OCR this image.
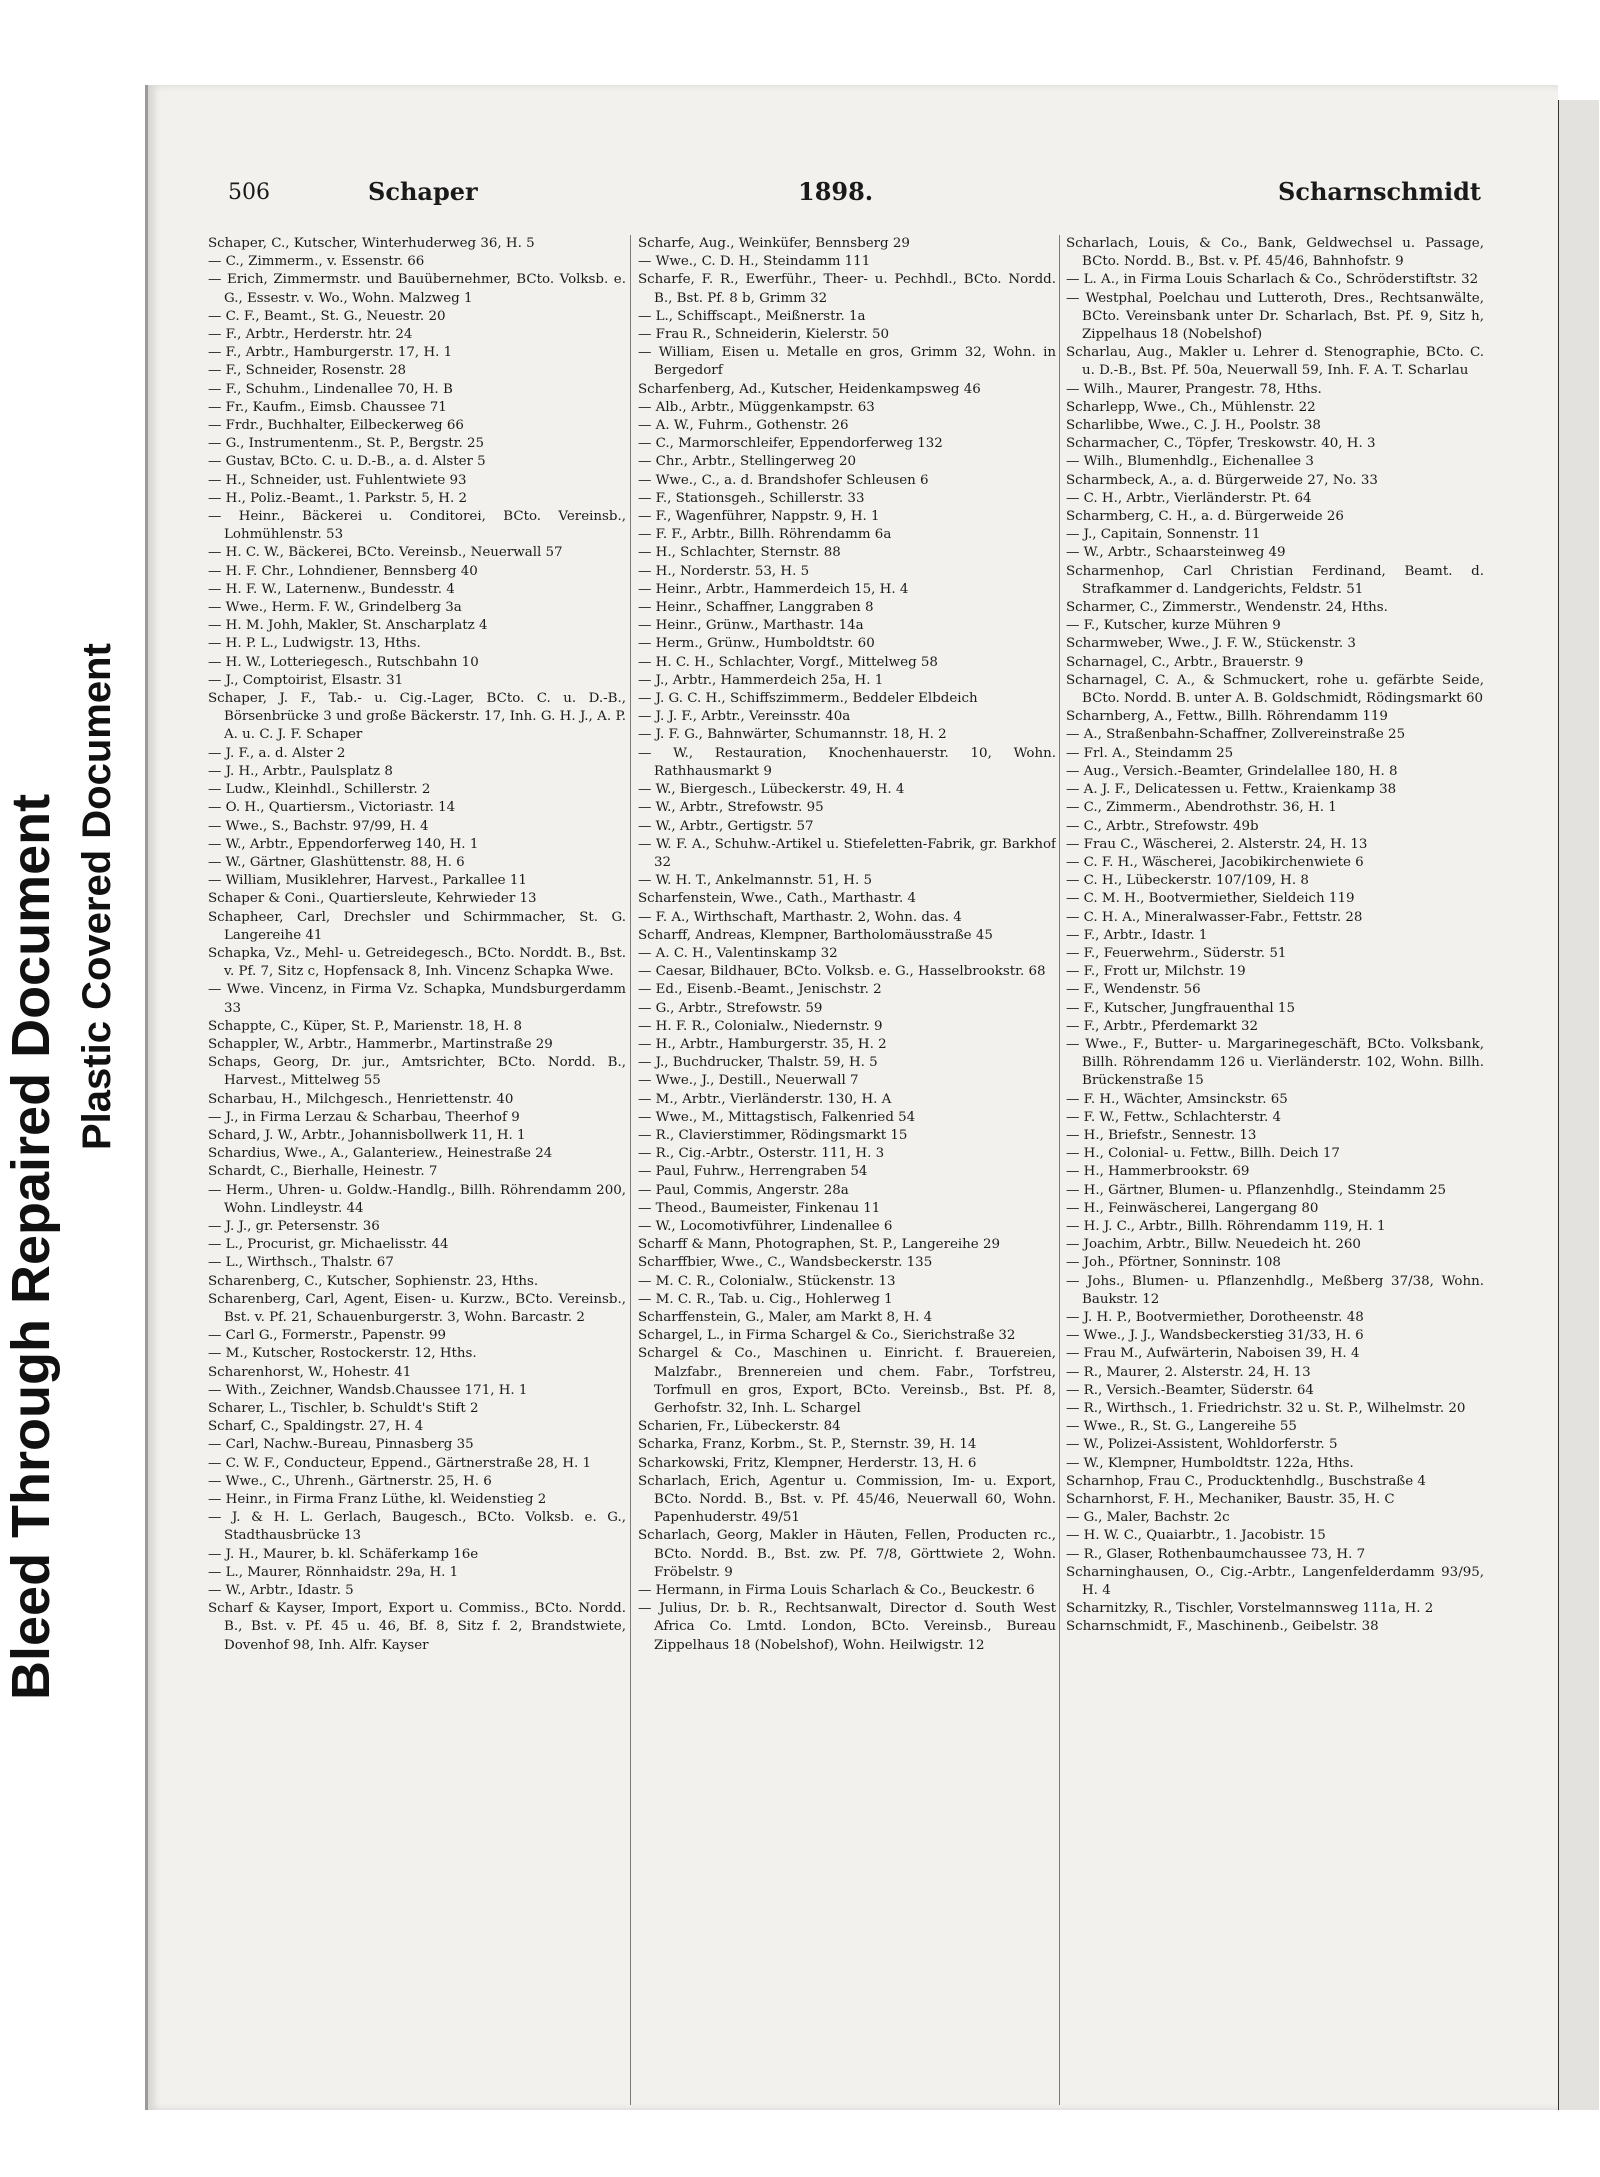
Bleed Through Repaired Document Plastic Covered Document
506	Schaper	1898.	Scharnschmidt

Schaper, C., Kutscher, Winterhuderweg 36, H. 5

— C., Zimmerm., v. Essenstr. 66

— Erich, Zimmermstr. und Bauübernehmer, BCto. Volksb. e. G., Essestr. v. Wo., Wohn. Malzweg 1

— C. F., Beamt., St. G., Neuestr. 20

— F., Arbtr., Herderstr. htr. 24

— F., Arbtr., Hamburgerstr. 17, H. 1

— F., Schneider, Rosenstr. 28

— F., Schuhm., Lindenallee 70, H. B

— Fr., Kaufm., Eimsb. Chaussee 71

— Frdr., Buchhalter, Eilbeckerweg 66

— G., Instrumentenm., St. P., Bergstr. 25

— Gustav, BCto. C. u. D.-B., a. d. Alster 5

— H., Schneider, ust. Fuhlentwiete 93

— H., Poliz.-Beamt., 1. Parkstr. 5, H. 2

— Heinr., Bäckerei u. Conditorei, BCto. Vereinsb., Lohmühlenstr. 53

— H. C. W., Bäckerei, BCto. Vereinsb., Neuerwall 57

— H. F. Chr., Lohndiener, Bennsberg 40

— H. F. W., Laternenw., Bundesstr. 4

— Wwe., Herm. F. W., Grindelberg 3a

— H. M. Johh, Makler, St. Anscharplatz 4

— H. P. L., Ludwigstr. 13, Hths.

— H. W., Lotteriegesch., Rutschbahn 10

— J., Comptoirist, Elsastr. 31

Schaper, J. F., Tab.- u. Cig.-Lager, BCto. C. u. D.-B., Börsenbrücke 3 und große Bäckerstr. 17, Inh. G. H. J., A. P. A. u. C. J. F. Schaper

— J. F., a. d. Alster 2

— J. H., Arbtr., Paulsplatz 8

— Ludw., Kleinhdl., Schillerstr. 2

— O. H., Quartiersm., Victoriastr. 14

— Wwe., S., Bachstr. 97/99, H. 4

— W., Arbtr., Eppendorferweg 140, H. 1

— W., Gärtner, Glashüttenstr. 88, H. 6

— William, Musiklehrer, Harvest., Parkallee 11

Schaper & Coni., Quartiersleute, Kehrwieder 13

Schapheer, Carl, Drechsler und Schirmmacher, St. G. Langereihe 41

Schapka, Vz., Mehl- u. Getreidegesch., BCto. Norddt. B., Bst. v. Pf. 7, Sitz c, Hopfensack 8, Inh. Vincenz Schapka Wwe.

— Wwe. Vincenz, in Firma Vz. Schapka, Mundsburgerdamm 33

Schappte, C., Küper, St. P., Marienstr. 18, H. 8

Schappler, W., Arbtr., Hammerbr., Martinstraße 29

Schaps, Georg, Dr. jur., Amtsrichter, BCto. Nordd. B., Harvest., Mittelweg 55

Scharbau, H., Milchgesch., Henriettenstr. 40

— J., in Firma Lerzau & Scharbau, Theerhof 9

Schard, J. W., Arbtr., Johannisbollwerk 11, H. 1

Schardius, Wwe., A., Galanteriew., Heinestraße 24

Schardt, C., Bierhalle, Heinestr. 7

— Herm., Uhren- u. Goldw.-Handlg., Billh. Röhrendamm 200, Wohn. Lindleystr. 44

— J. J., gr. Petersenstr. 36

— L., Procurist, gr. Michaelisstr. 44

— L., Wirthsch., Thalstr. 67

Scharenberg, C., Kutscher, Sophienstr. 23, Hths.

Scharenberg, Carl, Agent, Eisen- u. Kurzw., BCto. Vereinsb., Bst. v. Pf. 21, Schauenburgerstr. 3, Wohn. Barcastr. 2

— Carl G., Formerstr., Papenstr. 99

— M., Kutscher, Rostockerstr. 12, Hths.

Scharenhorst, W., Hohestr. 41

— With., Zeichner, Wandsb.Chaussee 171, H. 1

Scharer, L., Tischler, b. Schuldt's Stift 2

Scharf, C., Spaldingstr. 27, H. 4

— Carl, Nachw.-Bureau, Pinnasberg 35

— C. W. F., Conducteur, Eppend., Gärtnerstraße 28, H. 1

— Wwe., C., Uhrenh., Gärtnerstr. 25, H. 6

— Heinr., in Firma Franz Lüthe, kl. Weidenstieg 2

— J. & H. L. Gerlach, Baugesch., BCto. Volksb. e. G., Stadthausbrücke 13

— J. H., Maurer, b. kl. Schäferkamp 16e

— L., Maurer, Rönnhaidstr. 29a, H. 1

— W., Arbtr., Idastr. 5

Scharf & Kayser, Import, Export u. Commiss., BCto. Nordd. B., Bst. v. Pf. 45 u. 46, Bf. 8, Sitz f. 2, Brandstwiete, Dovenhof 98, Inh. Alfr. Kayser

Scharfe, Aug., Weinküfer, Bennsberg 29

— Wwe., C. D. H., Steindamm 111

Scharfe, F. R., Ewerführ., Theer- u. Pechhdl., BCto. Nordd. B., Bst. Pf. 8 b, Grimm 32

— L., Schiffscapt., Meißnerstr. 1a

— Frau R., Schneiderin, Kielerstr. 50

— William, Eisen u. Metalle en gros, Grimm 32, Wohn. in Bergedorf

Scharfenberg, Ad., Kutscher, Heidenkampsweg 46

— Alb., Arbtr., Müggenkampstr. 63

— A. W., Fuhrm., Gothenstr. 26

— C., Marmorschleifer, Eppendorferweg 132

— Chr., Arbtr., Stellingerweg 20

— Wwe., C., a. d. Brandshofer Schleusen 6

— F., Stationsgeh., Schillerstr. 33

— F., Wagenführer, Nappstr. 9, H. 1

— F. F., Arbtr., Billh. Röhrendamm 6a

— H., Schlachter, Sternstr. 88

— H., Norderstr. 53, H. 5

— Heinr., Arbtr., Hammerdeich 15, H. 4

— Heinr., Schaffner, Langgraben 8

— Heinr., Grünw., Marthastr. 14a

— Herm., Grünw., Humboldtstr. 60

— H. C. H., Schlachter, Vorgf., Mittelweg 58

— J., Arbtr., Hammerdeich 25a, H. 1

— J. G. C. H., Schiffszimmerm., Beddeler Elbdeich

— J. J. F., Arbtr., Vereinsstr. 40a

— J. F. G., Bahnwärter, Schumannstr. 18, H. 2

— W., Restauration, Knochenhauerstr. 10, Wohn. Rathhausmarkt 9

— W., Biergesch., Lübeckerstr. 49, H. 4

— W., Arbtr., Strefowstr. 95

— W., Arbtr., Gertigstr. 57

— W. F. A., Schuhw.-Artikel u. Stiefeletten-Fabrik, gr. Barkhof 32

— W. H. T., Ankelmannstr. 51, H. 5

Scharfenstein, Wwe., Cath., Marthastr. 4

— F. A., Wirthschaft, Marthastr. 2, Wohn. das. 4

Scharff, Andreas, Klempner, Bartholomäusstraße 45

— A. C. H., Valentinskamp 32

— Caesar, Bildhauer, BCto. Volksb. e. G., Hasselbrookstr. 68

— Ed., Eisenb.-Beamt., Jenischstr. 2

— G., Arbtr., Strefowstr. 59

— H. F. R., Colonialw., Niedernstr. 9

— H., Arbtr., Hamburgerstr. 35, H. 2

— J., Buchdrucker, Thalstr. 59, H. 5

— Wwe., J., Destill., Neuerwall 7

— M., Arbtr., Vierländerstr. 130, H. A

— Wwe., M., Mittagstisch, Falkenried 54

— R., Clavierstimmer, Rödingsmarkt 15

— R., Cig.-Arbtr., Osterstr. 111, H. 3

— Paul, Fuhrw., Herrengraben 54

— Paul, Commis, Angerstr. 28a

— Theod., Baumeister, Finkenau 11

— W., Locomotivführer, Lindenallee 6

Scharff & Mann, Photographen, St. P., Langereihe 29

Scharffbier, Wwe., C., Wandsbeckerstr. 135

— M. C. R., Colonialw., Stückenstr. 13

— M. C. R., Tab. u. Cig., Hohlerweg 1

Scharffenstein, G., Maler, am Markt 8, H. 4

Schargel, L., in Firma Schargel & Co., Sierichstraße 32

Schargel & Co., Maschinen u. Einricht. f. Brauereien, Malzfabr., Brennereien und chem. Fabr., Torfstreu, Torfmull en gros, Export, BCto. Vereinsb., Bst. Pf. 8, Gerhofstr. 32, Inh. L. Schargel

Scharien, Fr., Lübeckerstr. 84

Scharka, Franz, Korbm., St. P., Sternstr. 39, H. 14

Scharkowski, Fritz, Klempner, Herderstr. 13, H. 6

Scharlach, Erich, Agentur u. Commission, Im- u. Export, BCto. Nordd. B., Bst. v. Pf. 45/46, Neuerwall 60, Wohn. Papenhuderstr. 49/51

Scharlach, Georg, Makler in Häuten, Fellen, Producten rc., BCto. Nordd. B., Bst. zw. Pf. 7/8, Görttwiete 2, Wohn. Fröbelstr. 9

— Hermann, in Firma Louis Scharlach & Co., Beuckestr. 6

— Julius, Dr. b. R., Rechtsanwalt, Director d. South West Africa Co. Lmtd. London, BCto. Vereinsb., Bureau Zippelhaus 18 (Nobelshof), Wohn. Heilwigstr. 12

Scharlach, Louis, & Co., Bank, Geldwechsel u. Passage, BCto. Nordd. B., Bst. v. Pf. 45/46, Bahnhofstr. 9

— L. A., in Firma Louis Scharlach & Co., Schröderstiftstr. 32

— Westphal, Poelchau und Lutteroth, Dres., Rechtsanwälte, BCto. Vereinsbank unter Dr. Scharlach, Bst. Pf. 9, Sitz h, Zippelhaus 18 (Nobelshof)

Scharlau, Aug., Makler u. Lehrer d. Stenographie, BCto. C. u. D.-B., Bst. Pf. 50a, Neuerwall 59, Inh. F. A. T. Scharlau

— Wilh., Maurer, Prangestr. 78, Hths.

Scharlepp, Wwe., Ch., Mühlenstr. 22

Scharlibbe, Wwe., C. J. H., Poolstr. 38

Scharmacher, C., Töpfer, Treskowstr. 40, H. 3

— Wilh., Blumenhdlg., Eichenallee 3

Scharmbeck, A., a. d. Bürgerweide 27, No. 33

— C. H., Arbtr., Vierländerstr. Pt. 64

Scharmberg, C. H., a. d. Bürgerweide 26

— J., Capitain, Sonnenstr. 11

— W., Arbtr., Schaarsteinweg 49

Scharmenhop, Carl Christian Ferdinand, Beamt. d. Strafkammer d. Landgerichts, Feldstr. 51

Scharmer, C., Zimmerstr., Wendenstr. 24, Hths.

— F., Kutscher, kurze Mühren 9

Scharmweber, Wwe., J. F. W., Stückenstr. 3

Scharnagel, C., Arbtr., Brauerstr. 9

Scharnagel, C. A., & Schmuckert, rohe u. gefärbte Seide, BCto. Nordd. B. unter A. B. Goldschmidt, Rödingsmarkt 60

Scharnberg, A., Fettw., Billh. Röhrendamm 119

— A., Straßenbahn-Schaffner, Zollvereinstraße 25

— Frl. A., Steindamm 25

— Aug., Versich.-Beamter, Grindelallee 180, H. 8

— A. J. F., Delicatessen u. Fettw., Kraienkamp 38

— C., Zimmerm., Abendrothstr. 36, H. 1

— C., Arbtr., Strefowstr. 49b

— Frau C., Wäscherei, 2. Alsterstr. 24, H. 13

— C. F. H., Wäscherei, Jacobikirchenwiete 6

— C. H., Lübeckerstr. 107/109, H. 8

— C. M. H., Bootvermiether, Sieldeich 119

— C. H. A., Mineralwasser-Fabr., Fettstr. 28

— F., Arbtr., Idastr. 1

— F., Feuerwehrm., Süderstr. 51

— F., Frott ur, Milchstr. 19

— F., Wendenstr. 56

— F., Kutscher, Jungfrauenthal 15

— F., Arbtr., Pferdemarkt 32

— Wwe., F., Butter- u. Margarinegeschäft, BCto. Volksbank, Billh. Röhrendamm 126 u. Vierländerstr. 102, Wohn. Billh. Brückenstraße 15

— F. H., Wächter, Amsinckstr. 65

— F. W., Fettw., Schlachterstr. 4

— H., Briefstr., Sennestr. 13

— H., Colonial- u. Fettw., Billh. Deich 17

— H., Hammerbrookstr. 69

— H., Gärtner, Blumen- u. Pflanzenhdlg., Steindamm 25

— H., Feinwäscherei, Langergang 80

— H. J. C., Arbtr., Billh. Röhrendamm 119, H. 1

— Joachim, Arbtr., Billw. Neuedeich ht. 260

— Joh., Pförtner, Sonninstr. 108

— Johs., Blumen- u. Pflanzenhdlg., Meßberg 37/38, Wohn. Baukstr. 12

— J. H. P., Bootvermiether, Dorotheenstr. 48

— Wwe., J. J., Wandsbeckerstieg 31/33, H. 6

— Frau M., Aufwärterin, Naboisen 39, H. 4

— R., Maurer, 2. Alsterstr. 24, H. 13

— R., Versich.-Beamter, Süderstr. 64

— R., Wirthsch., 1. Friedrichstr. 32 u. St. P., Wilhelmstr. 20

— Wwe., R., St. G., Langereihe 55

— W., Polizei-Assistent, Wohldorferstr. 5

— W., Klempner, Humboldtstr. 122a, Hths.

Scharnhop, Frau C., Producktenhdlg., Buschstraße 4

Scharnhorst, F. H., Mechaniker, Baustr. 35, H. C

— G., Maler, Bachstr. 2c

— H. W. C., Quaiarbtr., 1. Jacobistr. 15

— R., Glaser, Rothenbaumchaussee 73, H. 7

Scharninghausen, O., Cig.-Arbtr., Langenfelderdamm 93/95, H. 4

Scharnitzky, R., Tischler, Vorstelmannsweg 111a, H. 2

Scharnschmidt, F., Maschinenb., Geibelstr. 38
